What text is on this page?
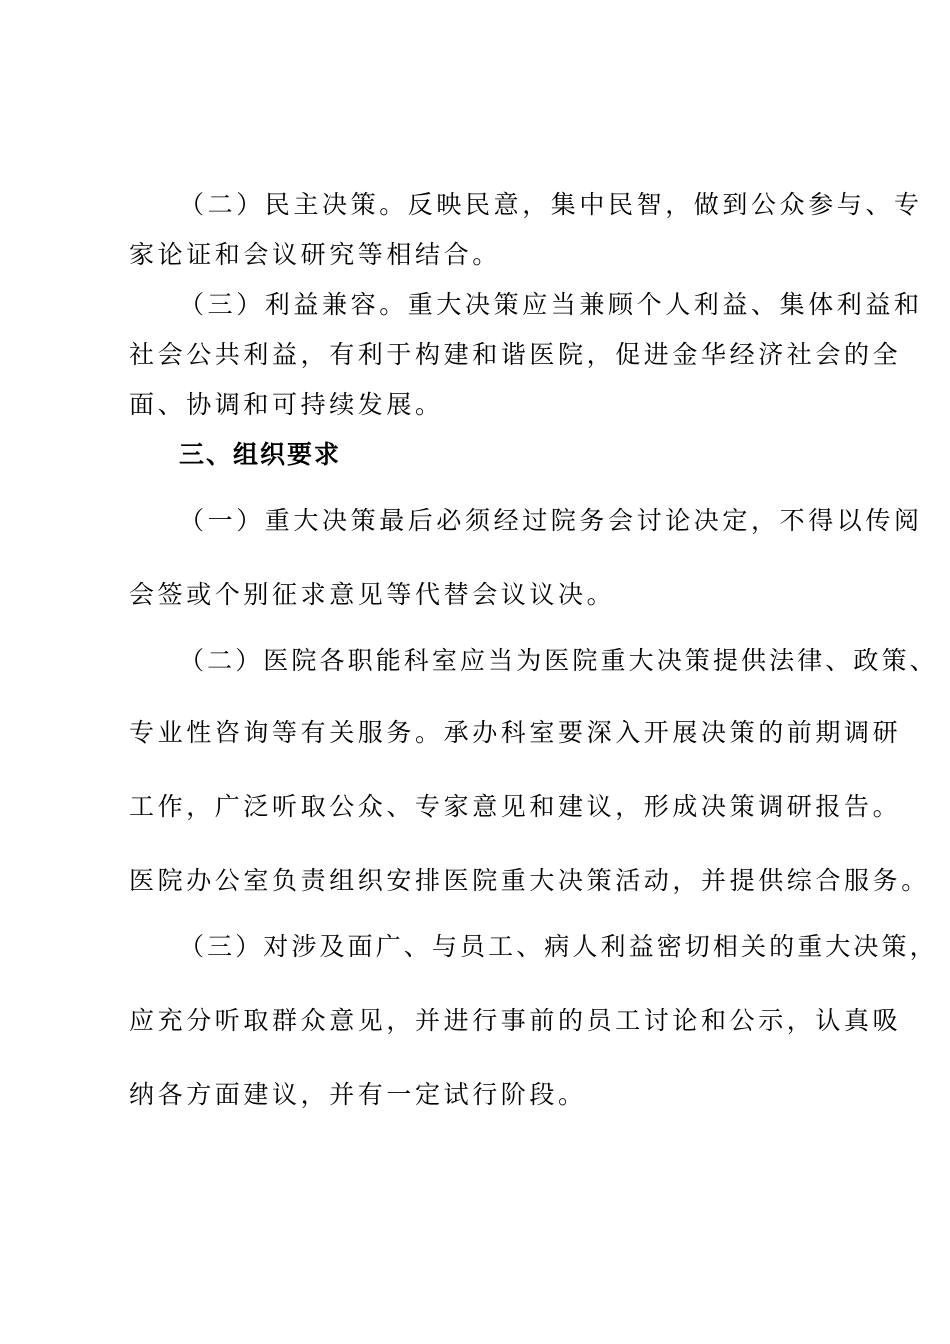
（二）民主决策。反映民意，集中民智，做到公众参与、专

家论证和会议研究等相结合。

（三）利益兼容。重大决策应当兼顾个人利益、集体利益和

社会公共利益，有利于构建和谐医院，促进金华经济社会的全

面、协调和可持续发展。

三、组织要求

（一）重大决策最后必须经过院务会讨论决定，不得以传阅

会签或个别征求意见等代替会议议决。

（二）医院各职能科室应当为医院重大决策提供法律、政策、

专业性咨询等有关服务。承办科室要深入开展决策的前期调研

工作，广泛听取公众、专家意见和建议，形成决策调研报告。

医院办公室负责组织安排医院重大决策活动，并提供综合服务。

（三）对涉及面广、与员工、病人利益密切相关的重大决策，

应充分听取群众意见，并进行事前的员工讨论和公示，认真吸

纳各方面建议，并有一定试行阶段。
